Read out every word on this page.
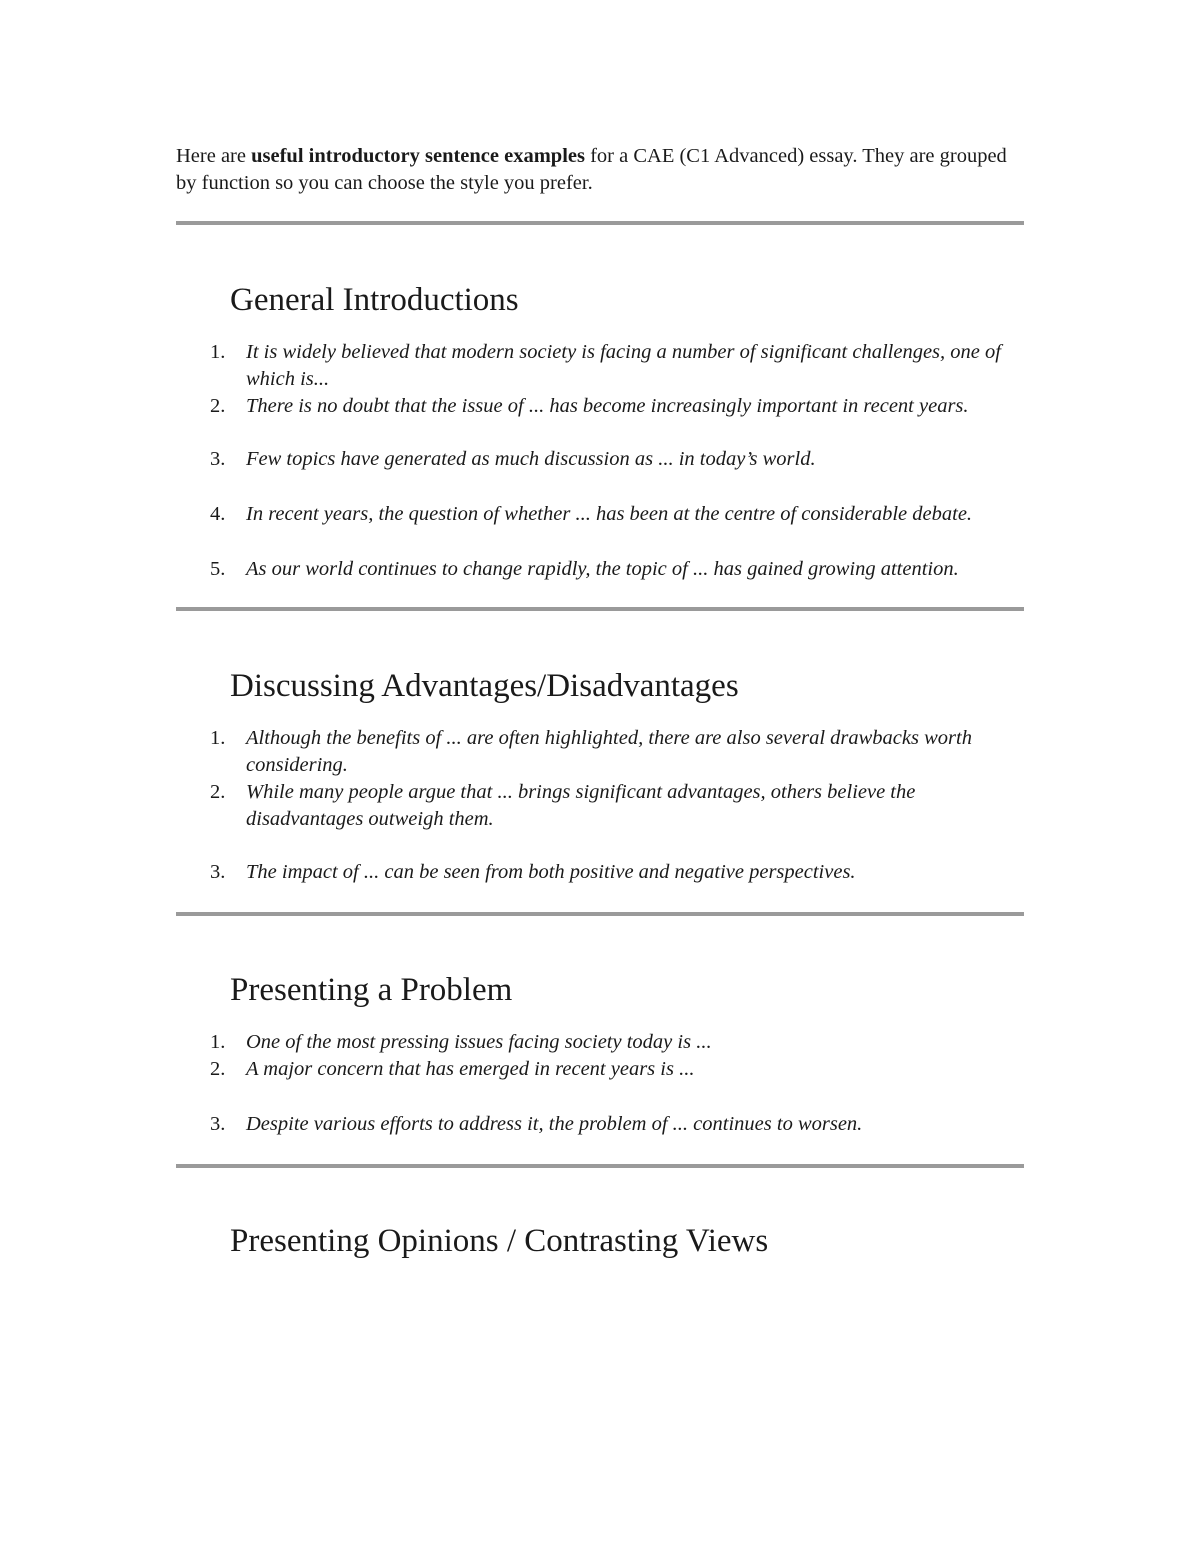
Here are useful introductory sentence examples for a CAE (C1 Advanced) essay. They are grouped by function so you can choose the style you prefer.

General Introductions
1. It is widely believed that modern society is facing a number of significant challenges, one of which is...
2. There is no doubt that the issue of ... has become increasingly important in recent years.
3. Few topics have generated as much discussion as ... in today’s world.
4. In recent years, the question of whether ... has been at the centre of considerable debate.
5. As our world continues to change rapidly, the topic of ... has gained growing attention.
Discussing Advantages/Disadvantages
1. Although the benefits of ... are often highlighted, there are also several drawbacks worth considering.
2. While many people argue that ... brings significant advantages, others believe the disadvantages outweigh them.
3. The impact of ... can be seen from both positive and negative perspectives.
Presenting a Problem
1. One of the most pressing issues facing society today is ...
2. A major concern that has emerged in recent years is ...
3. Despite various efforts to address it, the problem of ... continues to worsen.
Presenting Opinions / Contrasting Views
